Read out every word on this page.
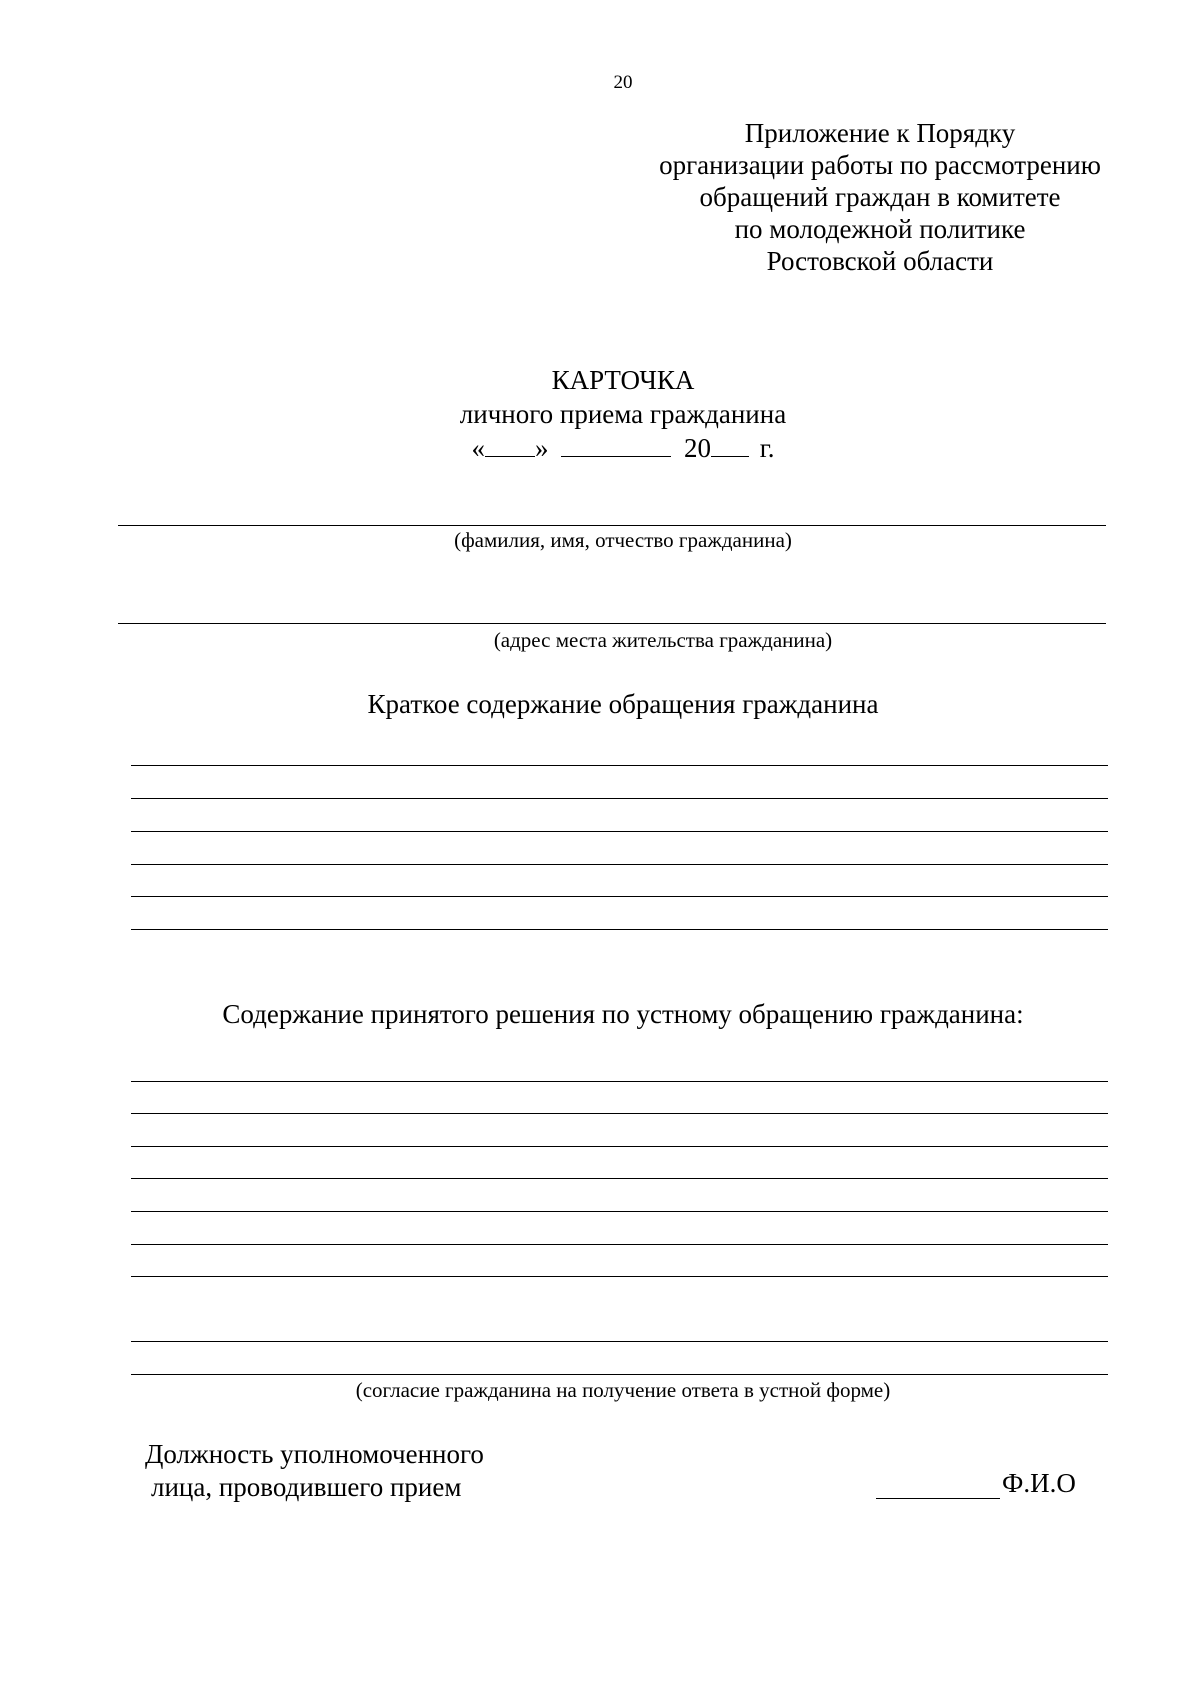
20
Приложение к Порядку
организации работы по рассмотрению
обращений граждан в комитете
по молодежной политике
Ростовской области
КАРТОЧКА
личного приема гражданина
« »	20 г.
(фамилия, имя, отчество гражданина)
(адрес места жительства гражданина)
Краткое содержание обращения гражданина
Содержание принятого решения по устному обращению гражданина:
(согласие гражданина на получение ответа в устной форме)
Должность уполномоченного
лица, проводившего прием	Ф.И.О
